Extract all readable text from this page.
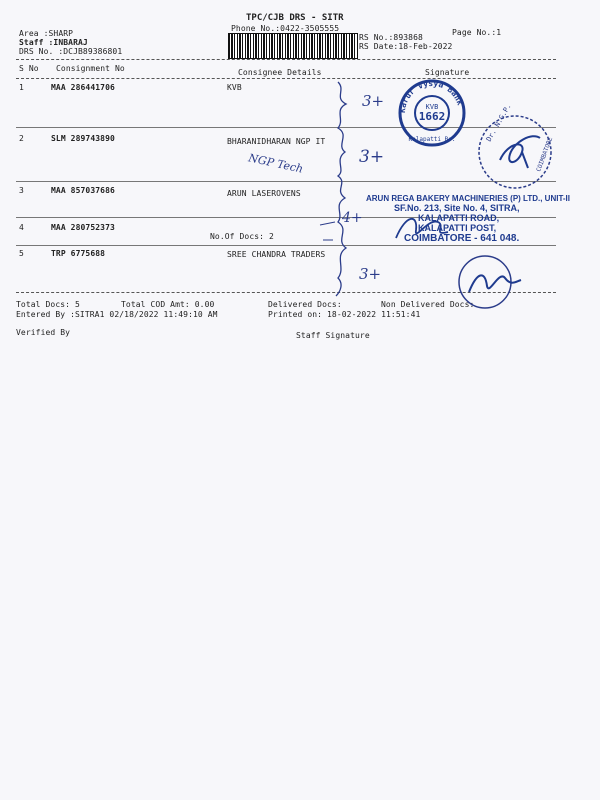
TPC/CJB DRS - SITR
Phone No.:0422-3505555	Page No.:1
Area :SHARP
Staff :INBARAJ
DRS No. :DCJB89386801
RS No.:893868
RS Date:18-Feb-2022
S No Consignment No	Consignee Details	Signature
1	MAA 286441706	KVB
2	SLM 289743890	BHARANIDHARAN NGP IT
3	MAA 857037686	ARUN LASEROVENS
4	MAA 280752373
No.Of Docs: 2
5	TRP 6775688	SREE CHANDRA TRADERS
Total Docs: 5	Total COD Amt: 0.00	Delivered Docs:	Non Delivered Docs:
Entered By :SITRA1 02/18/2022 11:49:10 AM	Printed on: 18-02-2022 11:51:41
Verified By	Staff Signature
3+
NGP Tech	3+
4+
3+
Karur Vysya Bank
KVB
1662
Kalapatti Br.	Dr. N.G.P.
COIMBATORE
ARUN REGA BAKERY MACHINERIES (P) LTD., UNIT-II
SF.No. 213, Site No. 4, SITRA,
KALAPATTI ROAD,
KALAPATTI POST,
COIMBATORE - 641 048.
